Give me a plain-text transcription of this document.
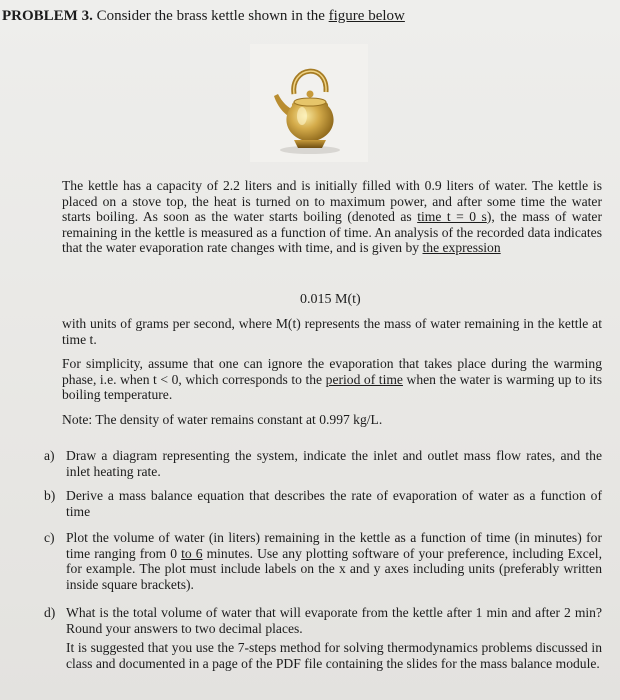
PROBLEM 3. Consider the brass kettle shown in the figure below
The kettle has a capacity of 2.2 liters and is initially filled with 0.9 liters of water. The kettle is placed on a stove top, the heat is turned on to maximum power, and after some time the water starts boiling. As soon as the water starts boiling (denoted as time t = 0 s), the mass of water remaining in the kettle is measured as a function of time. An analysis of the recorded data indicates that the water evaporation rate changes with time, and is given by the expression
0.015 M(t)
with units of grams per second, where M(t) represents the mass of water remaining in the kettle at time t.
For simplicity, assume that one can ignore the evaporation that takes place during the warming phase, i.e. when t < 0, which corresponds to the period of time when the water is warming up to its boiling temperature.
Note: The density of water remains constant at 0.997 kg/L.
a) Draw a diagram representing the system, indicate the inlet and outlet mass flow rates, and the inlet heating rate.
b) Derive a mass balance equation that describes the rate of evaporation of water as a function of time
c) Plot the volume of water (in liters) remaining in the kettle as a function of time (in minutes) for time ranging from 0 to 6 minutes. Use any plotting software of your preference, including Excel, for example. The plot must include labels on the x and y axes including units (preferably written inside square brackets).
d) What is the total volume of water that will evaporate from the kettle after 1 min and after 2 min? Round your answers to two decimal places.
It is suggested that you use the 7-steps method for solving thermodynamics problems discussed in class and documented in a page of the PDF file containing the slides for the mass balance module.
